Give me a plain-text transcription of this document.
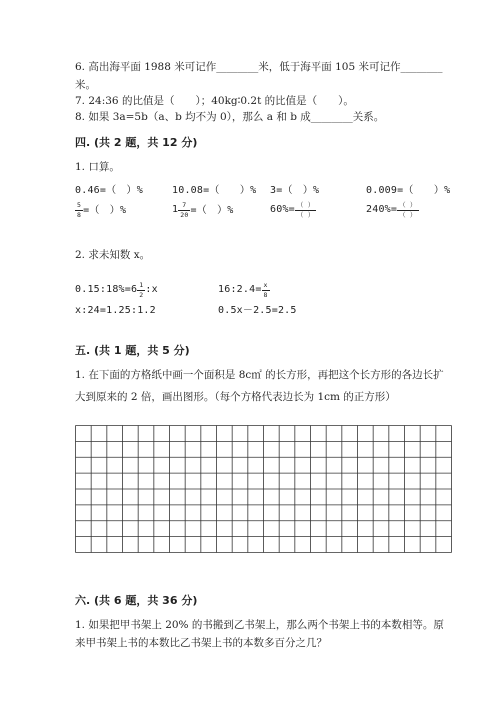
6. 高出海平面 1988 米可记作________米，低于海平面 105 米可记作________
米。
7. 24:36 的比值是（　　）；40kg∶0.2t 的比值是（　　）。
8. 如果 3a=5b（a、b 均不为 0），那么 a 和 b 成________关系。
四. (共 2 题，共 12 分)
1. 口算。
0.46=（　）%	10.08=（　　）% 3=（　）%	0.009=（　　）%
$\frac{5}{8}$ =（　）%	$1 \frac{7}{20}$ =（　）%	$60\%= \frac{( )}{( )}$	$240\%= \frac{( )}{( )}$
2. 求未知数 x。
0.15:18%=6 $\frac{1}{2}$ :x	16:2.4= $\frac{x}{8}$
x:24=1.25:1.2	0.5x－2.5=2.5
五. (共 1 题，共 5 分)
1. 在下面的方格纸中画一个面积是 8c㎡ 的长方形，再把这个长方形的各边长扩
大到原来的 2 倍，画出图形。（每个方格代表边长为 1cm 的正方形）
六. (共 6 题，共 36 分)
1. 如果把甲书架上 20% 的书搬到乙书架上，那么两个书架上书的本数相等。原
来甲书架上书的本数比乙书架上书的本数多百分之几？
